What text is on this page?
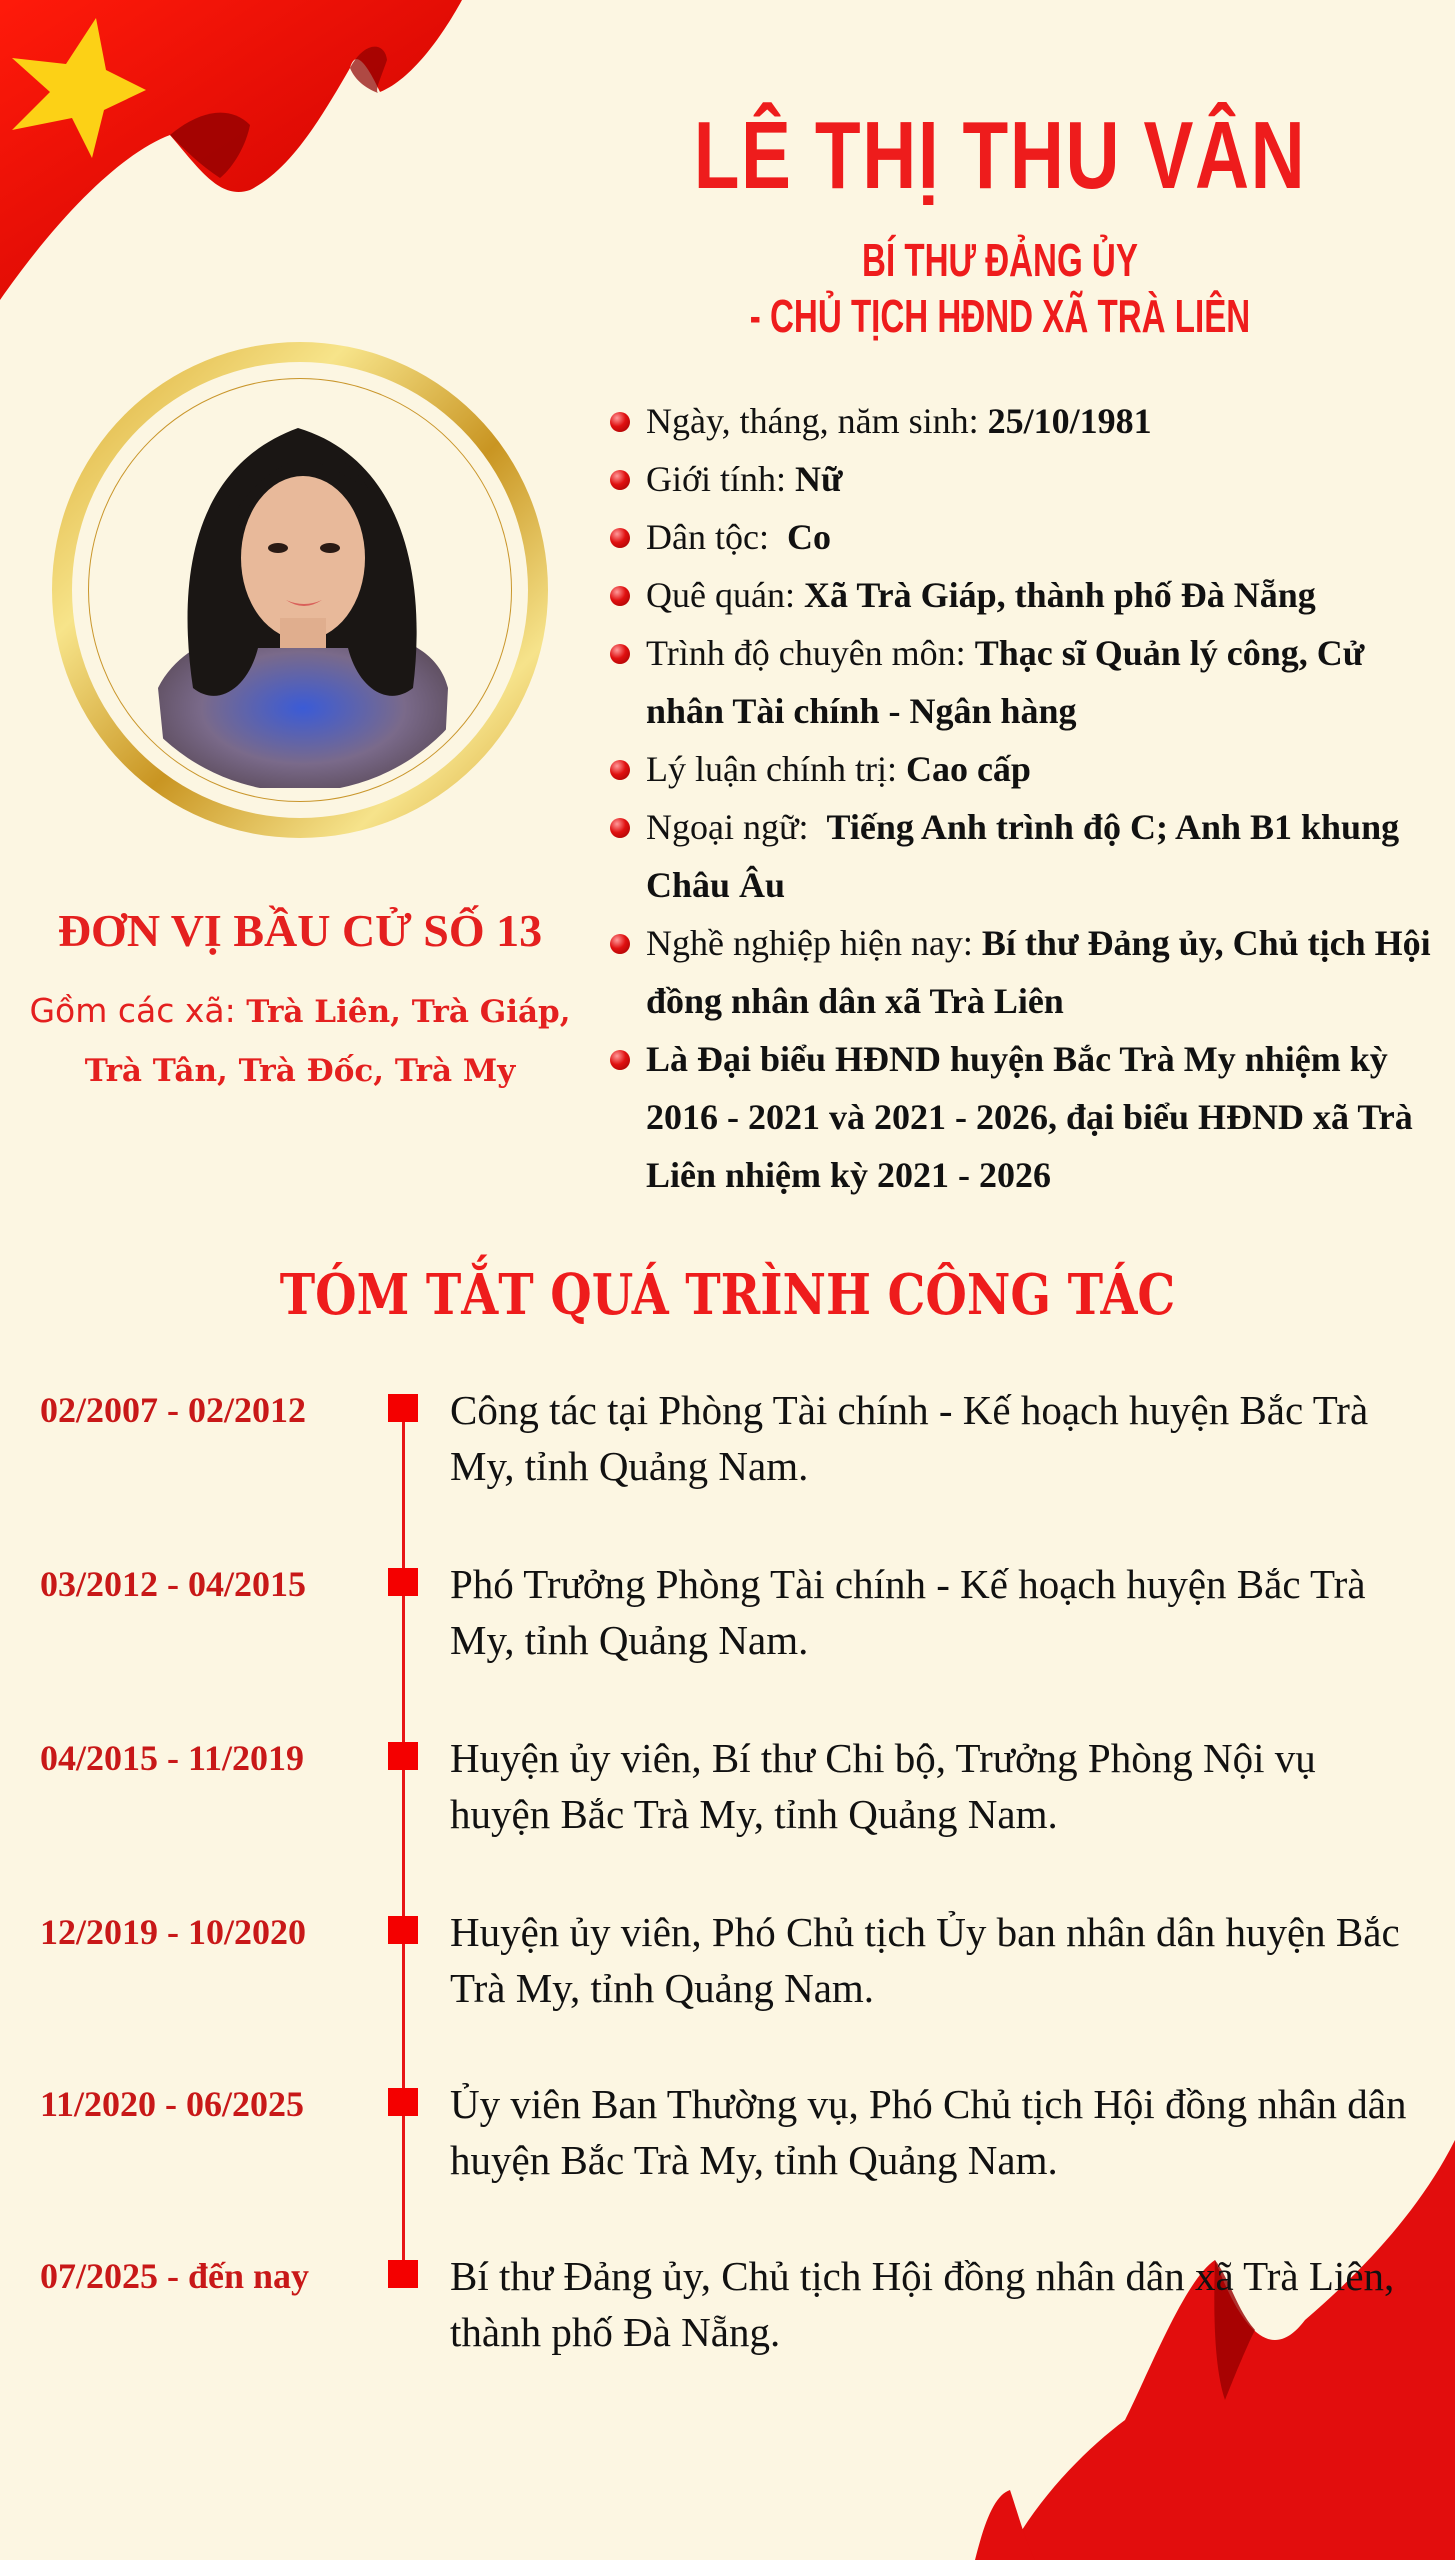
LÊ THỊ THU VÂN
BÍ THƯ ĐẢNG ỦY
- CHỦ TỊCH HĐND XÃ TRÀ LIÊN
ĐƠN VỊ BẦU CỬ SỐ 13
Gồm các xã: Trà Liên, Trà Giáp,
Trà Tân, Trà Đốc, Trà My
Ngày, tháng, năm sinh: 25/10/1981
Giới tính: Nữ
Dân tộc:  Co
Quê quán: Xã Trà Giáp, thành phố Đà Nẵng
Trình độ chuyên môn: Thạc sĩ Quản lý công, Cử nhân Tài chính - Ngân hàng
Lý luận chính trị: Cao cấp
Ngoại ngữ:  Tiếng Anh trình độ C; Anh B1 khung Châu Âu
Nghề nghiệp hiện nay: Bí thư Đảng ủy, Chủ tịch Hội đồng nhân dân xã Trà Liên
Là Đại biểu HĐND huyện Bắc Trà My nhiệm kỳ 2016 - 2021 và 2021 - 2026, đại biểu HĐND xã Trà Liên nhiệm kỳ 2021 - 2026
TÓM TẮT QUÁ TRÌNH CÔNG TÁC
02/2007 - 02/2012	Công tác tại Phòng Tài chính - Kế hoạch huyện Bắc Trà My, tỉnh Quảng Nam.
03/2012 - 04/2015	Phó Trưởng Phòng Tài chính - Kế hoạch huyện Bắc Trà My, tỉnh Quảng Nam.
04/2015 - 11/2019	Huyện ủy viên, Bí thư Chi bộ, Trưởng Phòng Nội vụ huyện Bắc Trà My, tỉnh Quảng Nam.
12/2019 - 10/2020	Huyện ủy viên, Phó Chủ tịch Ủy ban nhân dân huyện Bắc Trà My, tỉnh Quảng Nam.
11/2020 - 06/2025	Ủy viên Ban Thường vụ, Phó Chủ tịch Hội đồng nhân dân huyện Bắc Trà My, tỉnh Quảng Nam.
07/2025 - đến nay	Bí thư Đảng ủy, Chủ tịch Hội đồng nhân dân xã Trà Liên, thành phố Đà Nẵng.
